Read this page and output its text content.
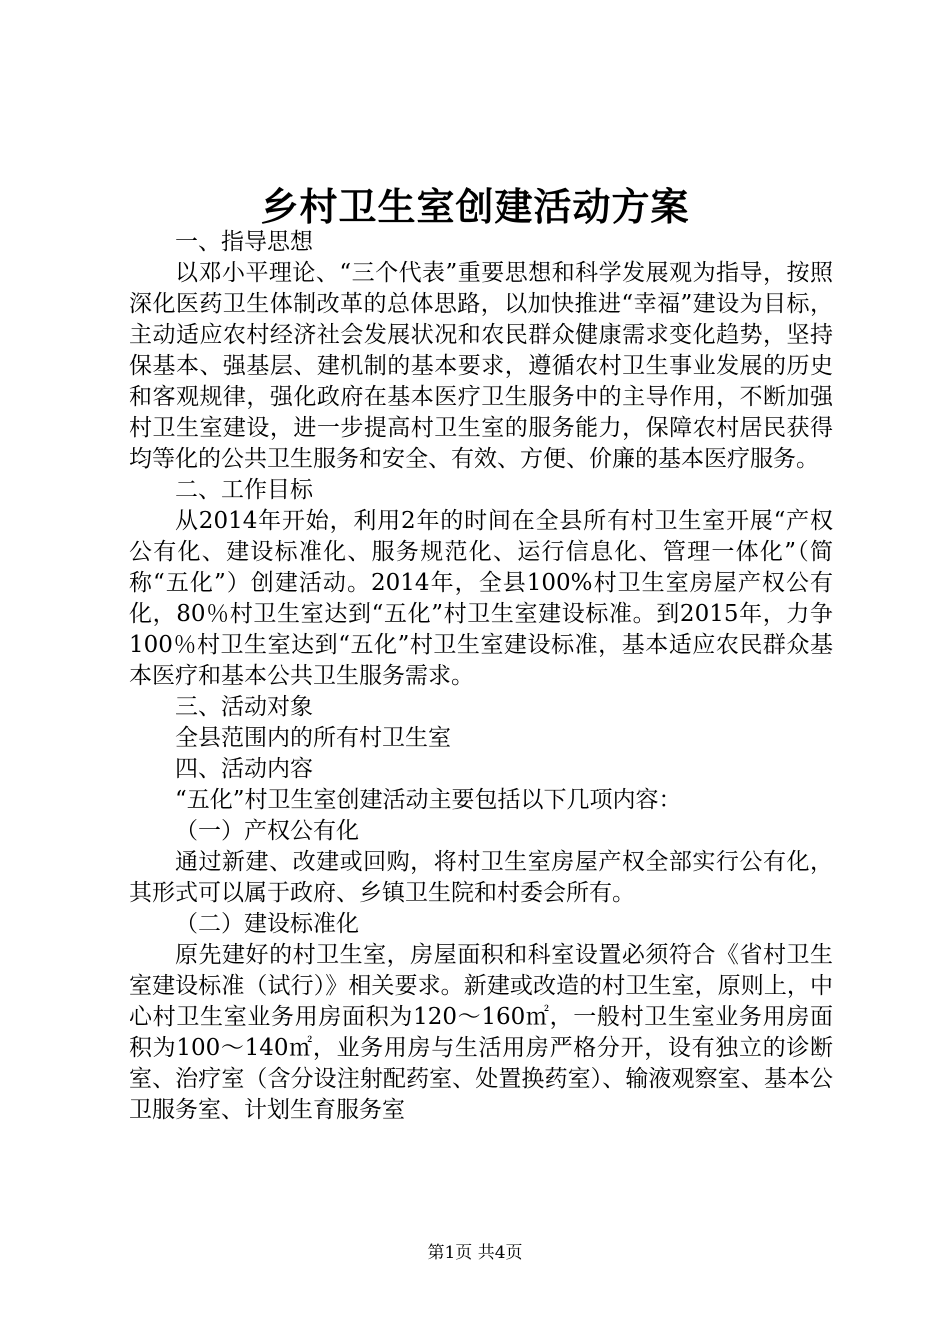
乡村卫生室创建活动方案

一、指导思想

以邓小平理论、“三个代表”重要思想和科学发展观为指导，按照深化医药卫生体制改革的总体思路，以加快推进“幸福”建设为目标，主动适应农村经济社会发展状况和农民群众健康需求变化趋势，坚持保基本、强基层、建机制的基本要求，遵循农村卫生事业发展的历史和客观规律，强化政府在基本医疗卫生服务中的主导作用，不断加强村卫生室建设，进一步提高村卫生室的服务能力，保障农村居民获得均等化的公共卫生服务和安全、有效、方便、价廉的基本医疗服务。

二、工作目标

从2014年开始，利用2年的时间在全县所有村卫生室开展“产权公有化、建设标准化、服务规范化、运行信息化、管理一体化”（简称“五化”）创建活动。2014年，全县100%村卫生室房屋产权公有化，80％村卫生室达到“五化”村卫生室建设标准。到2015年，力争100％村卫生室达到“五化”村卫生室建设标准，基本适应农民群众基本医疗和基本公共卫生服务需求。

三、活动对象

全县范围内的所有村卫生室

四、活动内容

“五化”村卫生室创建活动主要包括以下几项内容：

（一）产权公有化

通过新建、改建或回购，将村卫生室房屋产权全部实行公有化，其形式可以属于政府、乡镇卫生院和村委会所有。

（二）建设标准化

原先建好的村卫生室，房屋面积和科室设置必须符合《省村卫生室建设标准（试行）》相关要求。新建或改造的村卫生室，原则上，中心村卫生室业务用房面积为120～160㎡，一般村卫生室业务用房面积为100～140㎡，业务用房与生活用房严格分开，设有独立的诊断室、治疗室（含分设注射配药室、处置换药室）、输液观察室、基本公卫服务室、计划生育服务室

第1页 共4页
